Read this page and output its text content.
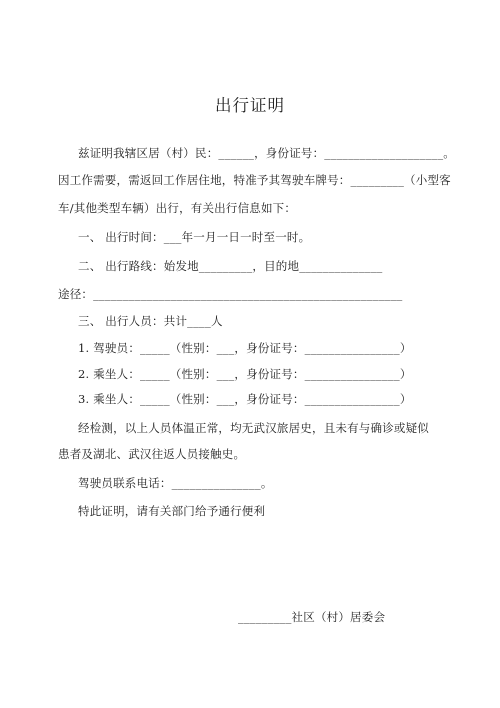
出行证明
兹证明我辖区居（村）民：______，身份证号：____________________。
因工作需要，需返回工作居住地，特准予其驾驶车牌号：_________（小型客
车/其他类型车辆）出行，有关出行信息如下：
一、 出行时间：___年一月一日一时至一时。
二、 出行路线：始发地_________，目的地______________
途径：____________________________________________________
三、 出行人员：共计____人
1. 驾驶员：_____（性别：___，身份证号：________________）
2. 乘坐人：_____（性别：___，身份证号：________________）
3. 乘坐人：_____（性别：___，身份证号：________________）
经检测，以上人员体温正常，均无武汉旅居史，且未有与确诊或疑似
患者及湖北、武汉往返人员接触史。
驾驶员联系电话：_______________。
特此证明，请有关部门给予通行便利
_________社区（村）居委会
